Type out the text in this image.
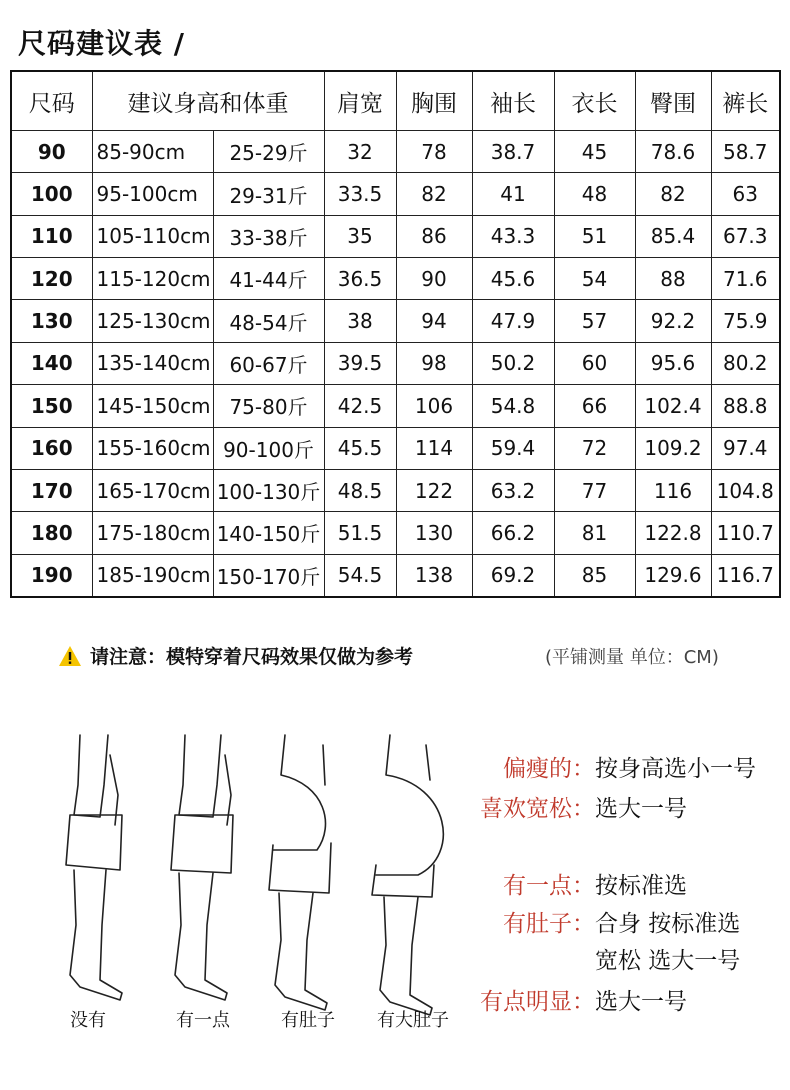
尺码建议表 /
尺码	建议身高和体重		肩宽	胸围	袖长	衣长	臀围	裤长
90	85-90cm	25-29斤	32	78	38.7	45	78.6	58.7
100	95-100cm	29-31斤	33.5	82	41	48	82	63
110	105-110cm	33-38斤	35	86	43.3	51	85.4	67.3
120	115-120cm	41-44斤	36.5	90	45.6	54	88	71.6
130	125-130cm	48-54斤	38	94	47.9	57	92.2	75.9
140	135-140cm	60-67斤	39.5	98	50.2	60	95.6	80.2
150	145-150cm	75-80斤	42.5	106	54.8	66	102.4	88.8
160	155-160cm	90-100斤	45.5	114	59.4	72	109.2	97.4
170	165-170cm	100-130斤	48.5	122	63.2	77	116	104.8
180	175-180cm	140-150斤	51.5	130	66.2	81	122.8	110.7
190	185-190cm	150-170斤	54.5	138	69.2	85	129.6	116.7
请注意：模特穿着尺码效果仅做为参考	(平铺测量 单位：CM)
没有	有一点	有肚子 有大肚子
偏瘦的：按身高选小一号
喜欢宽松：选大一号
有一点：按标准选
有肚子：合身 按标准选
宽松 选大一号
有点明显：选大一号
